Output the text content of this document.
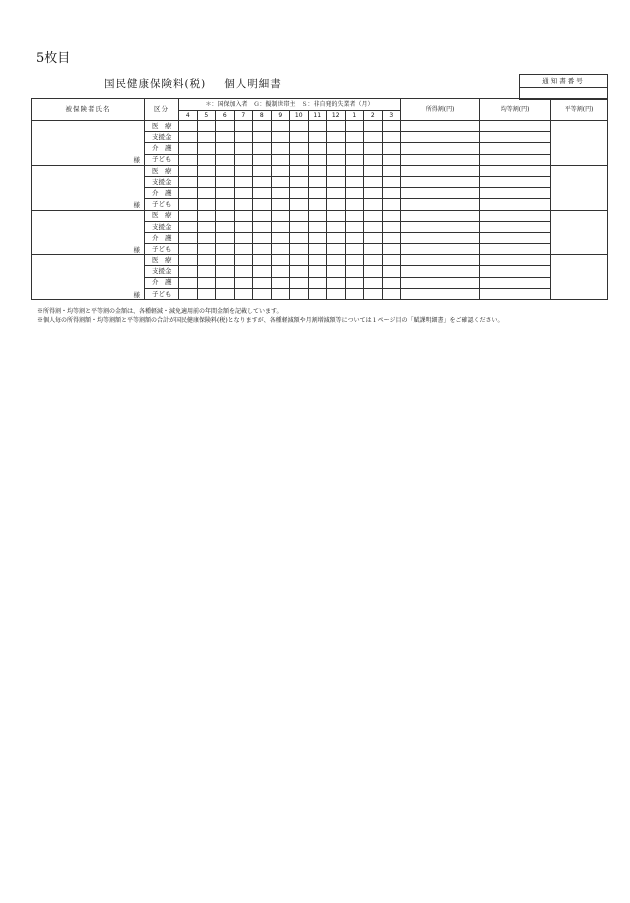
5枚目
国民健康保険料(税) 個人明細書	通知書番号
被保険者氏名	区分	＊：国保加入者　Ｇ：擬制世帯主　Ｓ：非自発的失業者（月）												所得割(円)	均等割(円)	平等割(円)
		4	5	6	7	8	9	10	11	12	1	2	3			
様	医　療															
	支援金															
	介　護															
	子ども															
様	医　療															
	支援金															
	介　護															
	子ども															
様	医　療															
	支援金															
	介　護															
	子ども															
様	医　療															
	支援金															
	介　護															
	子ども															
※所得割・均等割と平等割の金額は、各種軽減・減免適用前の年間金額を記載しています。
※個人毎の所得割額・均等割額と平等割額の合計が国民健康保険料(税)となりますが、各種軽減額や月割増減額等については１ページ目の「賦課明細書」をご確認ください。
